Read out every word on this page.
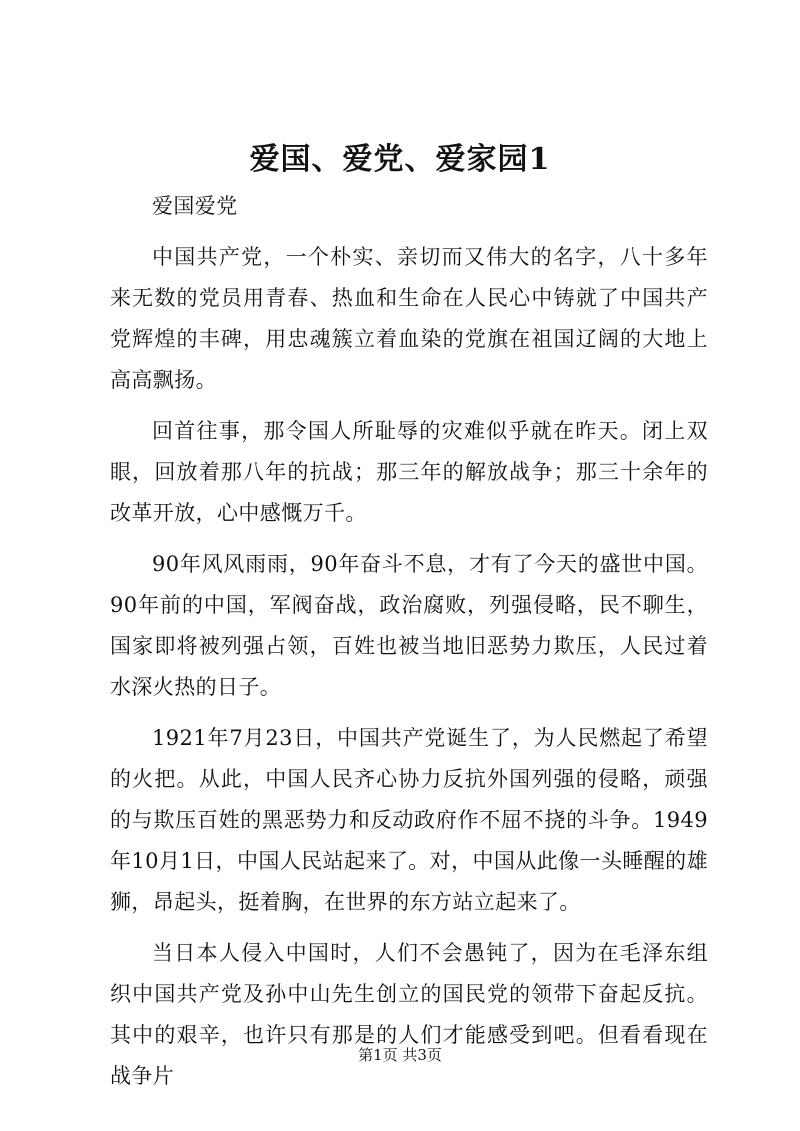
爱国、爱党、爱家园1

爱国爱党

中国共产党，一个朴实、亲切而又伟大的名字，八十多年来无数的党员用青春、热血和生命在人民心中铸就了中国共产党辉煌的丰碑，用忠魂簇立着血染的党旗在祖国辽阔的大地上高高飘扬。

回首往事，那令国人所耻辱的灾难似乎就在昨天。闭上双眼，回放着那八年的抗战；那三年的解放战争；那三十余年的改革开放，心中感慨万千。

90年风风雨雨，90年奋斗不息，才有了今天的盛世中国。90年前的中国，军阀奋战，政治腐败，列强侵略，民不聊生，国家即将被列强占领，百姓也被当地旧恶势力欺压，人民过着水深火热的日子。

1921年7月23日，中国共产党诞生了，为人民燃起了希望的火把。从此，中国人民齐心协力反抗外国列强的侵略，顽强的与欺压百姓的黑恶势力和反动政府作不屈不挠的斗争。1949年10月1日，中国人民站起来了。对，中国从此像一头睡醒的雄狮，昂起头，挺着胸，在世界的东方站立起来了。

当日本人侵入中国时，人们不会愚钝了，因为在毛泽东组织中国共产党及孙中山先生创立的国民党的领带下奋起反抗。其中的艰辛，也许只有那是的人们才能感受到吧。但看看现在战争片

第1页 共3页
